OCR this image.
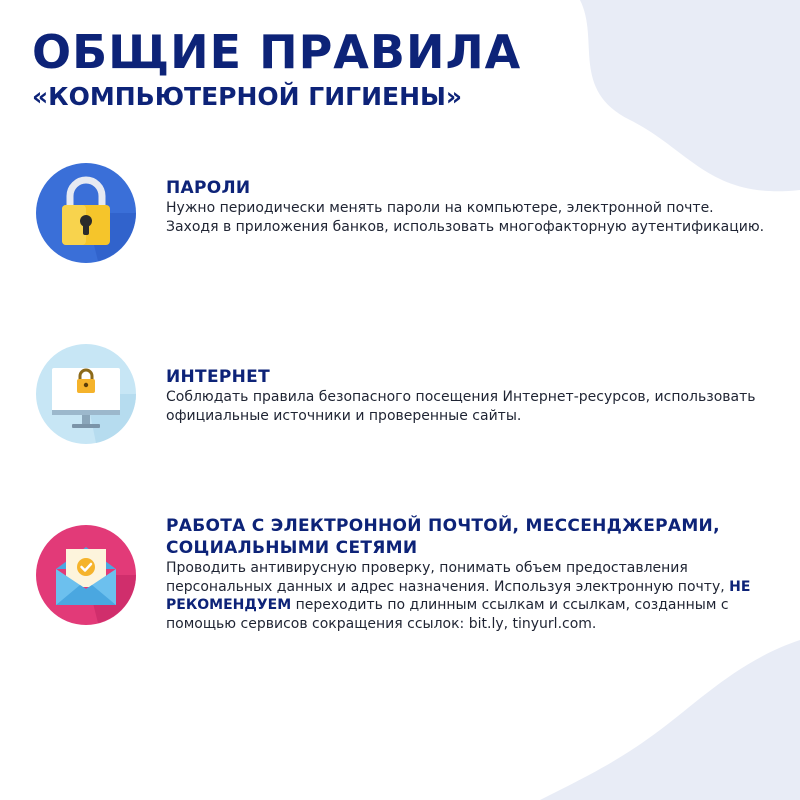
ОБЩИЕ ПРАВИЛА
«КОМПЬЮТЕРНОЙ ГИГИЕНЫ»
ПАРОЛИ

Нужно периодически менять пароли на компьютере, электронной почте. Заходя в приложения банков, использовать многофакторную аутентификацию.

ИНТЕРНЕТ

Соблюдать правила безопасного посещения Интернет-ресурсов, использовать официальные источники и проверенные сайты.

РАБОТА С ЭЛЕКТРОННОЙ ПОЧТОЙ, МЕССЕНДЖЕРАМИ,
СОЦИАЛЬНЫМИ СЕТЯМИ

Проводить антивирусную проверку, понимать объем предоставления персональных данных и адрес назначения. Используя электронную почту, НЕ РЕКОМЕНДУЕМ переходить по длинным ссылкам и ссылкам, созданным с помощью сервисов сокращения ссылок: bit.ly, tinyurl.com.
